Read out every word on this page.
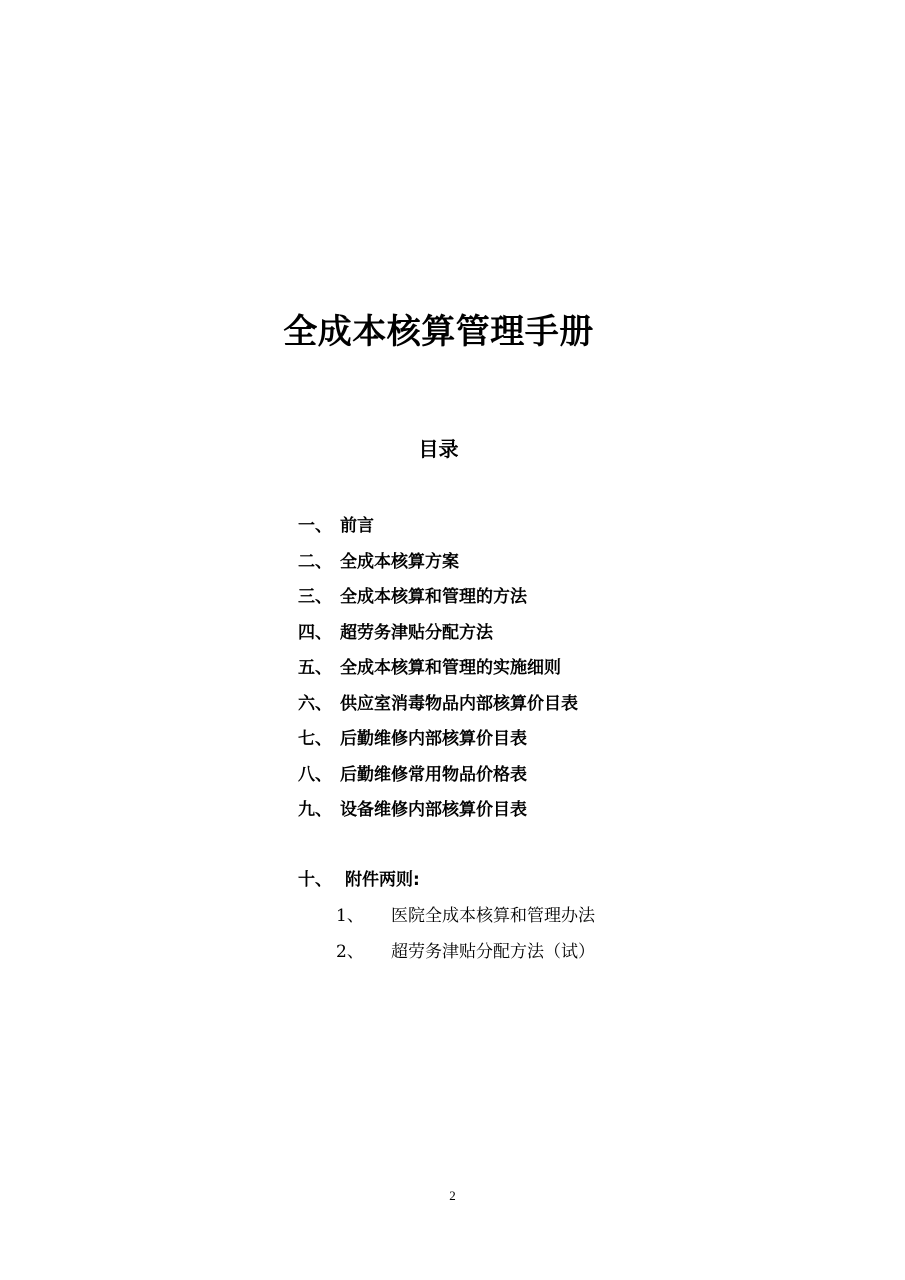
全成本核算管理手册
目录
一、 前言
二、 全成本核算方案
三、 全成本核算和管理的方法
四、 超劳务津贴分配方法
五、 全成本核算和管理的实施细则
六、 供应室消毒物品内部核算价目表
七、 后勤维修内部核算价目表
八、 后勤维修常用物品价格表
九、 设备维修内部核算价目表
十、 附件两则:
1、	医院全成本核算和管理办法
2、	超劳务津贴分配方法（试）
2
